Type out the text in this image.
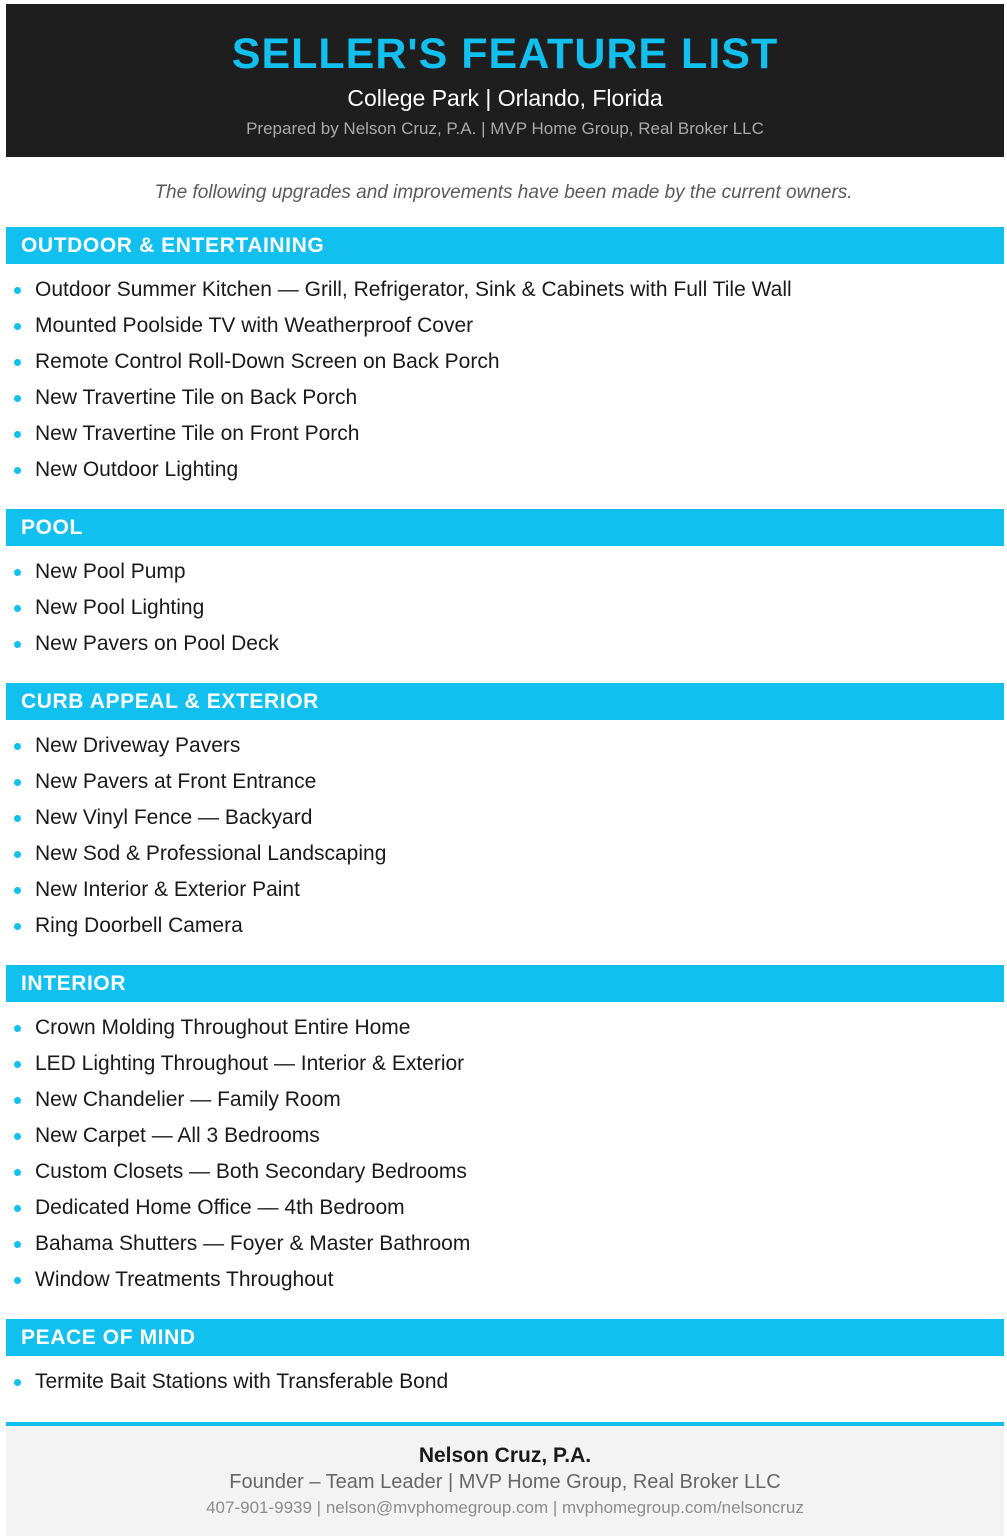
SELLER'S FEATURE LIST
College Park | Orlando, Florida
Prepared by Nelson Cruz, P.A. | MVP Home Group, Real Broker LLC
The following upgrades and improvements have been made by the current owners.
OUTDOOR & ENTERTAINING
Outdoor Summer Kitchen — Grill, Refrigerator, Sink & Cabinets with Full Tile Wall
Mounted Poolside TV with Weatherproof Cover
Remote Control Roll-Down Screen on Back Porch
New Travertine Tile on Back Porch
New Travertine Tile on Front Porch
New Outdoor Lighting
POOL
New Pool Pump
New Pool Lighting
New Pavers on Pool Deck
CURB APPEAL & EXTERIOR
New Driveway Pavers
New Pavers at Front Entrance
New Vinyl Fence — Backyard
New Sod & Professional Landscaping
New Interior & Exterior Paint
Ring Doorbell Camera
INTERIOR
Crown Molding Throughout Entire Home
LED Lighting Throughout — Interior & Exterior
New Chandelier — Family Room
New Carpet — All 3 Bedrooms
Custom Closets — Both Secondary Bedrooms
Dedicated Home Office — 4th Bedroom
Bahama Shutters — Foyer & Master Bathroom
Window Treatments Throughout
PEACE OF MIND
Termite Bait Stations with Transferable Bond
Nelson Cruz, P.A.
Founder – Team Leader | MVP Home Group, Real Broker LLC
407-901-9939 | nelson@mvphomegroup.com | mvphomegroup.com/nelsoncruz
